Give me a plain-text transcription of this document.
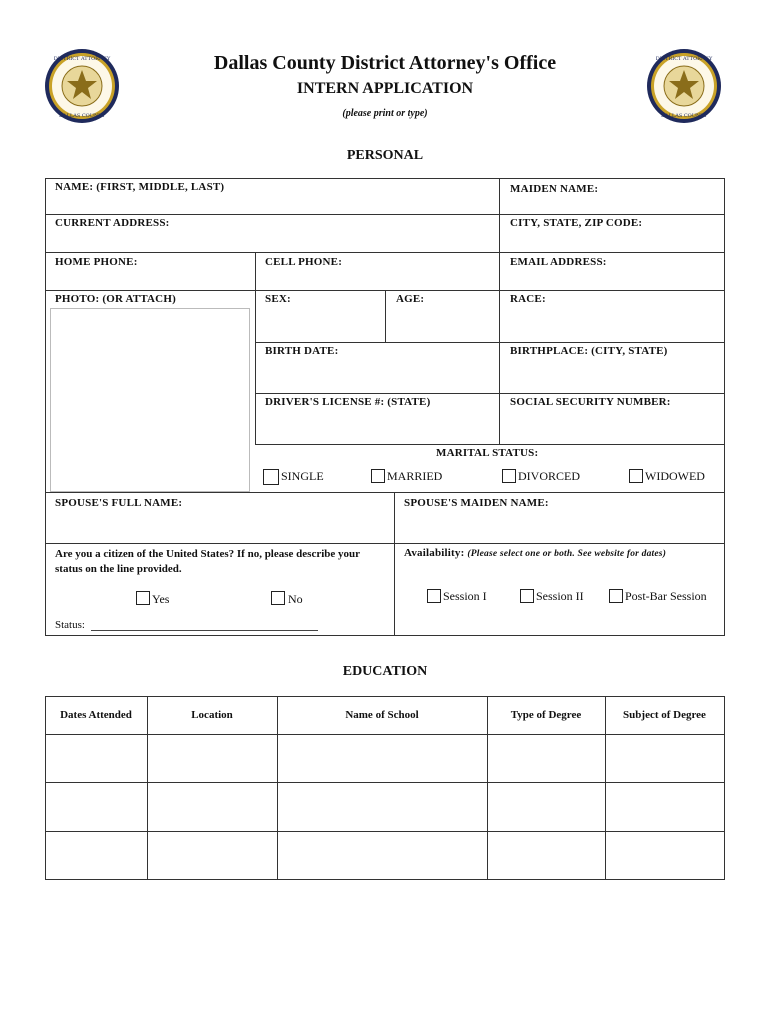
DISTRICT ATTORNEY
DALLAS COUNTY
DISTRICT ATTORNEY
DALLAS COUNTY
Dallas County District Attorney's Office
INTERN APPLICATION
(please print or type)
PERSONAL
NAME: (FIRST, MIDDLE, LAST)	MAIDEN NAME:
CURRENT ADDRESS:	CITY, STATE, ZIP CODE:
HOME PHONE:	CELL PHONE:	EMAIL ADDRESS:
PHOTO: (OR ATTACH)	SEX:	AGE:	RACE:
BIRTH DATE:	BIRTHPLACE: (CITY, STATE)
DRIVER'S LICENSE #: (STATE)	SOCIAL SECURITY NUMBER:
MARITAL STATUS:
SINGLE	MARRIED	DIVORCED	WIDOWED
SPOUSE'S FULL NAME:	SPOUSE'S MAIDEN NAME:
Are you a citizen of the United States? If no, please describe your status on the line provided.
Yes	No
Status:
Availability: (Please select one or both. See website for dates)
Session I	Session II	Post-Bar Session
EDUCATION
Dates Attended	Location	Name of School	Type of Degree	Subject of Degree
